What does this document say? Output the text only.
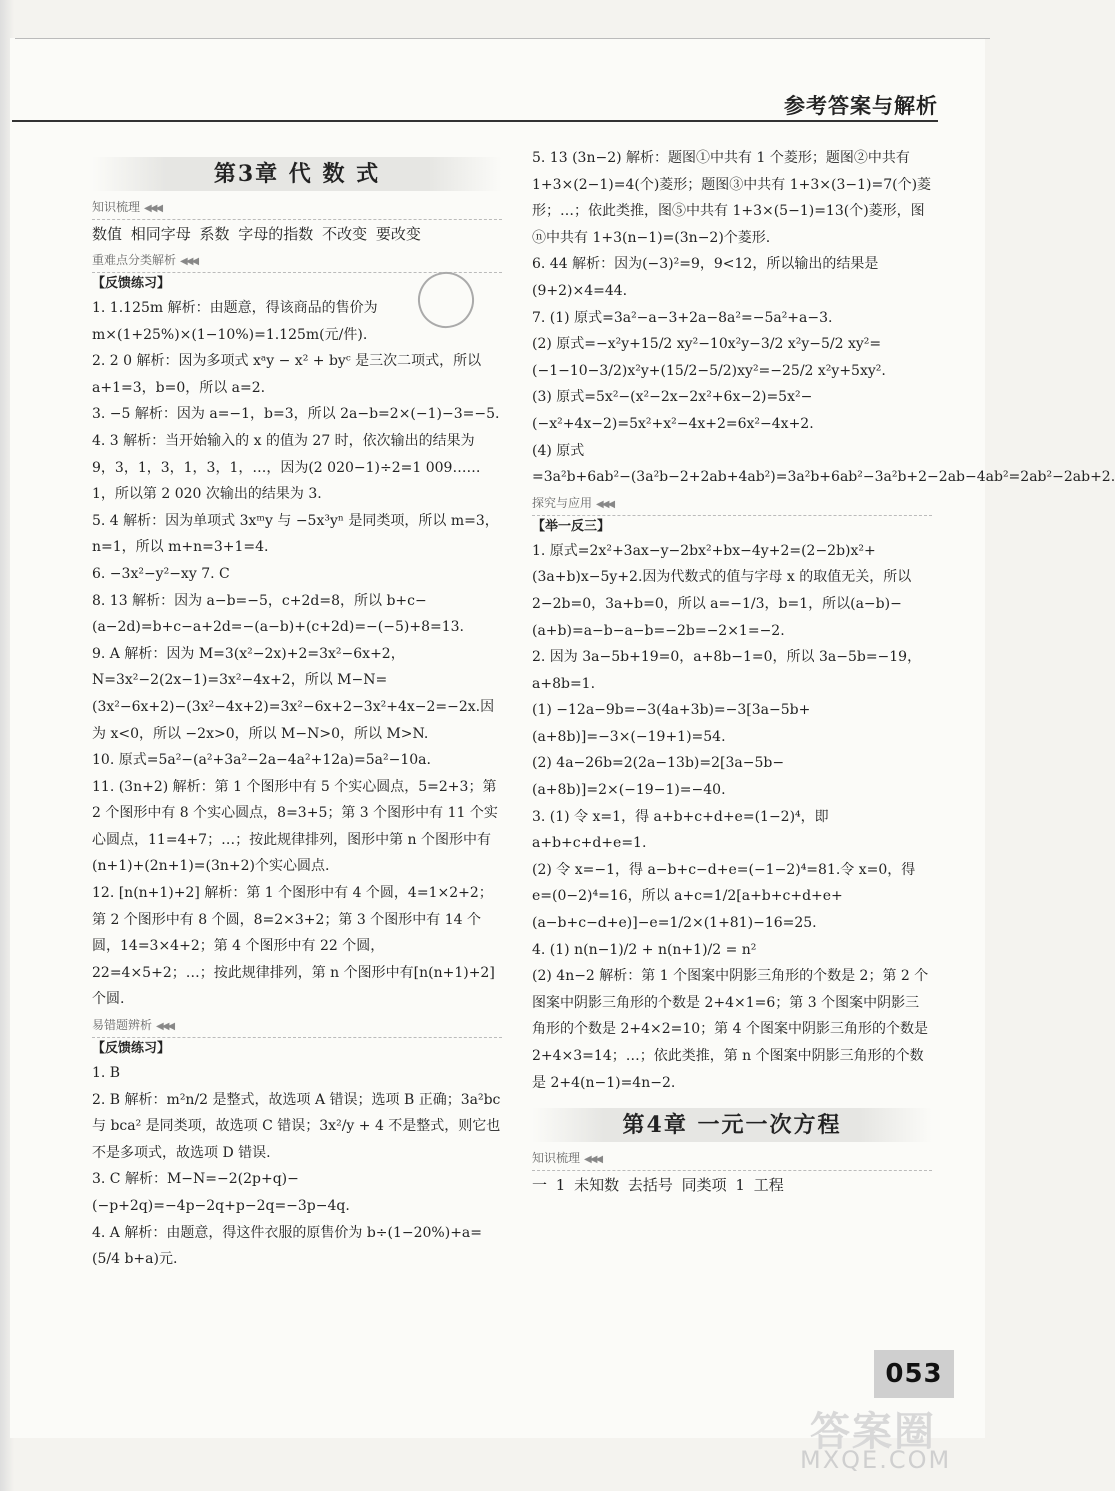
参考答案与解析
第3章 代 数 式
知识梳理 ◀◀◀
数值 相同字母 系数 字母的指数 不改变 要改变
重难点分类解析 ◀◀◀
【反馈练习】
1. 1.125m 解析：由题意，得该商品的售价为m×(1+25%)×(1−10%)=1.125m(元/件).
2. 2 0 解析：因为多项式 xᵃy − x² + byᶜ 是三次二项式，所以 a+1=3，b=0，所以 a=2.
3. −5 解析：因为 a=−1，b=3，所以 2a−b=2×(−1)−3=−5.
4. 3 解析：当开始输入的 x 的值为 27 时，依次输出的结果为 9，3，1，3，1，3，1，…，因为(2 020−1)÷2=1 009……1，所以第 2 020 次输出的结果为 3.
5. 4 解析：因为单项式 3xᵐy 与 −5x³yⁿ 是同类项，所以 m=3，n=1，所以 m+n=3+1=4.
6. −3x²−y²−xy 7. C
8. 13 解析：因为 a−b=−5，c+2d=8，所以 b+c−(a−2d)=b+c−a+2d=−(a−b)+(c+2d)=−(−5)+8=13.
9. A 解析：因为 M=3(x²−2x)+2=3x²−6x+2，N=3x²−2(2x−1)=3x²−4x+2，所以 M−N=(3x²−6x+2)−(3x²−4x+2)=3x²−6x+2−3x²+4x−2=−2x.因为 x<0，所以 −2x>0，所以 M−N>0，所以 M>N.
10. 原式=5a²−(a²+3a²−2a−4a²+12a)=5a²−10a.
11. (3n+2) 解析：第 1 个图形中有 5 个实心圆点，5=2+3；第 2 个图形中有 8 个实心圆点，8=3+5；第 3 个图形中有 11 个实心圆点，11=4+7；…；按此规律排列，图形中第 n 个图形中有(n+1)+(2n+1)=(3n+2)个实心圆点.
12. [n(n+1)+2] 解析：第 1 个图形中有 4 个圆，4=1×2+2；第 2 个图形中有 8 个圆，8=2×3+2；第 3 个图形中有 14 个圆，14=3×4+2；第 4 个图形中有 22 个圆，22=4×5+2；…；按此规律排列，第 n 个图形中有[n(n+1)+2]个圆.
易错题辨析 ◀◀◀
【反馈练习】
1. B
2. B 解析：m²n/2 是整式，故选项 A 错误；选项 B 正确；3a²bc 与 bca² 是同类项，故选项 C 错误；3x²/y + 4 不是整式，则它也不是多项式，故选项 D 错误.
3. C 解析：M−N=−2(2p+q)−(−p+2q)=−4p−2q+p−2q=−3p−4q.
4. A 解析：由题意，得这件衣服的原售价为 b÷(1−20%)+a=(5/4 b+a)元.
5. 13 (3n−2) 解析：题图①中共有 1 个菱形；题图②中共有 1+3×(2−1)=4(个)菱形；题图③中共有 1+3×(3−1)=7(个)菱形；…；依此类推，图⑤中共有 1+3×(5−1)=13(个)菱形，图ⓝ中共有 1+3(n−1)=(3n−2)个菱形.
6. 44 解析：因为(−3)²=9，9<12，所以输出的结果是(9+2)×4=44.
7. (1) 原式=3a²−a−3+2a−8a²=−5a²+a−3.
(2) 原式=−x²y+15/2 xy²−10x²y−3/2 x²y−5/2 xy²=(−1−10−3/2)x²y+(15/2−5/2)xy²=−25/2 x²y+5xy².
(3) 原式=5x²−(x²−2x−2x²+6x−2)=5x²−(−x²+4x−2)=5x²+x²−4x+2=6x²−4x+2.
(4) 原式=3a²b+6ab²−(3a²b−2+2ab+4ab²)=3a²b+6ab²−3a²b+2−2ab−4ab²=2ab²−2ab+2.
探究与应用 ◀◀◀
【举一反三】
1. 原式=2x²+3ax−y−2bx²+bx−4y+2=(2−2b)x²+(3a+b)x−5y+2.因为代数式的值与字母 x 的取值无关，所以 2−2b=0，3a+b=0，所以 a=−1/3，b=1，所以(a−b)−(a+b)=a−b−a−b=−2b=−2×1=−2.
2. 因为 3a−5b+19=0，a+8b−1=0，所以 3a−5b=−19，a+8b=1.
(1) −12a−9b=−3(4a+3b)=−3[3a−5b+(a+8b)]=−3×(−19+1)=54.
(2) 4a−26b=2(2a−13b)=2[3a−5b−(a+8b)]=2×(−19−1)=−40.
3. (1) 令 x=1，得 a+b+c+d+e=(1−2)⁴，即 a+b+c+d+e=1.
(2) 令 x=−1，得 a−b+c−d+e=(−1−2)⁴=81.令 x=0，得 e=(0−2)⁴=16，所以 a+c=1/2[a+b+c+d+e+(a−b+c−d+e)]−e=1/2×(1+81)−16=25.
4. (1) n(n−1)/2 + n(n+1)/2 = n²
(2) 4n−2 解析：第 1 个图案中阴影三角形的个数是 2；第 2 个图案中阴影三角形的个数是 2+4×1=6；第 3 个图案中阴影三角形的个数是 2+4×2=10；第 4 个图案中阴影三角形的个数是 2+4×3=14；…；依此类推，第 n 个图案中阴影三角形的个数是 2+4(n−1)=4n−2.
第4章 一元一次方程
知识梳理 ◀◀◀
一 1 未知数 去括号 同类项 1 工程
053
答案圈
MXQE.COM
